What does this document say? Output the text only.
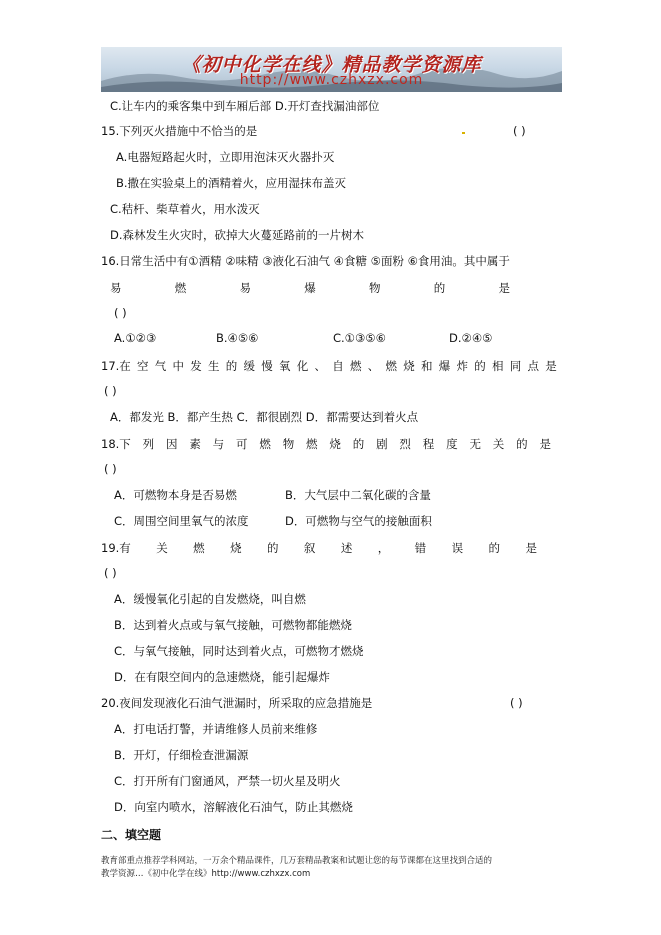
《初中化学在线》精品教学资源库
http://www.czhxzx.com
C.让车内的乘客集中到车厢后部 D.开灯查找漏油部位
15.下列灭火措施中不恰当的是	( )
A.电器短路起火时，立即用泡沫灭火器扑灭
B.撒在实验桌上的酒精着火，应用湿抹布盖灭
C.秸杆、柴草着火，用水泼灭
D.森林发生火灾时，砍掉大火蔓延路前的一片树木
16.日常生活中有①酒精 ②味精 ③液化石油气 ④食糖 ⑤面粉 ⑥食用油。其中属于
易	燃	易	爆	物	的	是
( )
A.①②③	B.④⑤⑥	C.①③⑤⑥	D.②④⑤
17.在 空 气 中 发 生 的 缓 慢 氧 化 、 自 燃 、 燃 烧 和 爆 炸 的 相 同 点 是
( )
A．都发光 B．都产生热 C．都很剧烈 D．都需要达到着火点
18.下 列 因 素 与 可 燃 物 燃 烧 的 剧 烈 程 度 无 关 的 是
( )
A．可燃物本身是否易燃	B．大气层中二氧化碳的含量
C．周围空间里氧气的浓度	D．可燃物与空气的接触面积
19.有 关 燃 烧 的 叙 述 ， 错 误 的 是
( )
A．缓慢氧化引起的自发燃烧，叫自燃
B．达到着火点或与氧气接触，可燃物都能燃烧
C．与氧气接触，同时达到着火点，可燃物才燃烧
D．在有限空间内的急速燃烧，能引起爆炸
20.夜间发现液化石油气泄漏时，所采取的应急措施是	( )
A．打电话打警，并请维修人员前来维修
B．开灯，仔细检查泄漏源
C．打开所有门窗通风，严禁一切火星及明火
D．向室内喷水，溶解液化石油气，防止其燃烧
二、填空题
教育部重点推荐学科网站，一万余个精品课件，几万套精品教案和试题让您的每节课都在这里找到合适的
教学资源…《初中化学在线》http://www.czhxzx.com
